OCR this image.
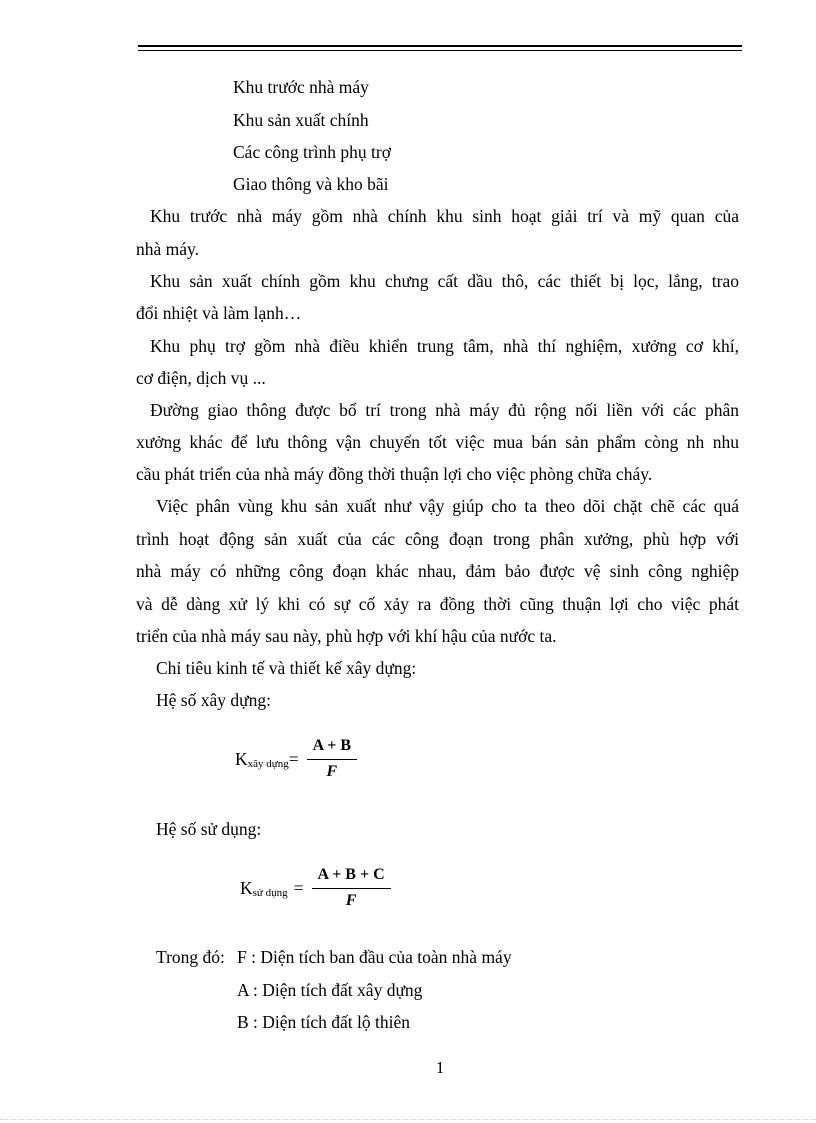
Khu trước nhà máy
Khu sản xuất chính
Các công trình phụ trợ
Giao thông và kho bãi
Khu trước nhà máy gồm nhà chính khu sinh hoạt giải trí và mỹ quan của
nhà máy.
Khu sản xuất chính gồm khu chưng cất dầu thô, các thiết bị lọc, lắng, trao
đổi nhiệt và làm lạnh…
Khu phụ trợ gồm nhà điều khiển trung tâm, nhà thí nghiệm, xưởng cơ khí,
cơ điện, dịch vụ ...
Đường giao thông được bố trí trong nhà máy đủ rộng nối liền với các phân
xưởng khác để lưu thông vận chuyển tốt việc mua bán sản phẩm còng nh nhu
cầu phát triển của nhà máy đồng thời thuận lợi cho việc phòng chữa cháy.
Việc phân vùng khu sản xuất như vậy giúp cho ta theo dõi chặt chẽ các quá
trình hoạt động sản xuất của các công đoạn trong phân xưởng, phù hợp với
nhà máy có những công đoạn khác nhau, đảm bảo được vệ sinh công nghiệp
và dễ dàng xử lý khi có sự cố xảy ra đồng thời cũng thuận lợi cho việc phát
triển của nhà máy sau này, phù hợp với khí hậu của nước ta.
Chỉ tiêu kinh tế và thiết kế xây dựng:
Hệ số xây dựng:
K xây dựng = $\frac{A + B}{F}$
Hệ số sử dụng:
K sử dụng = $\frac{A + B + C}{F}$
Trong đó: F : Diện tích ban đầu của toàn nhà máy
A : Diện tích đất xây dựng
B : Diện tích đất lộ thiên
1
